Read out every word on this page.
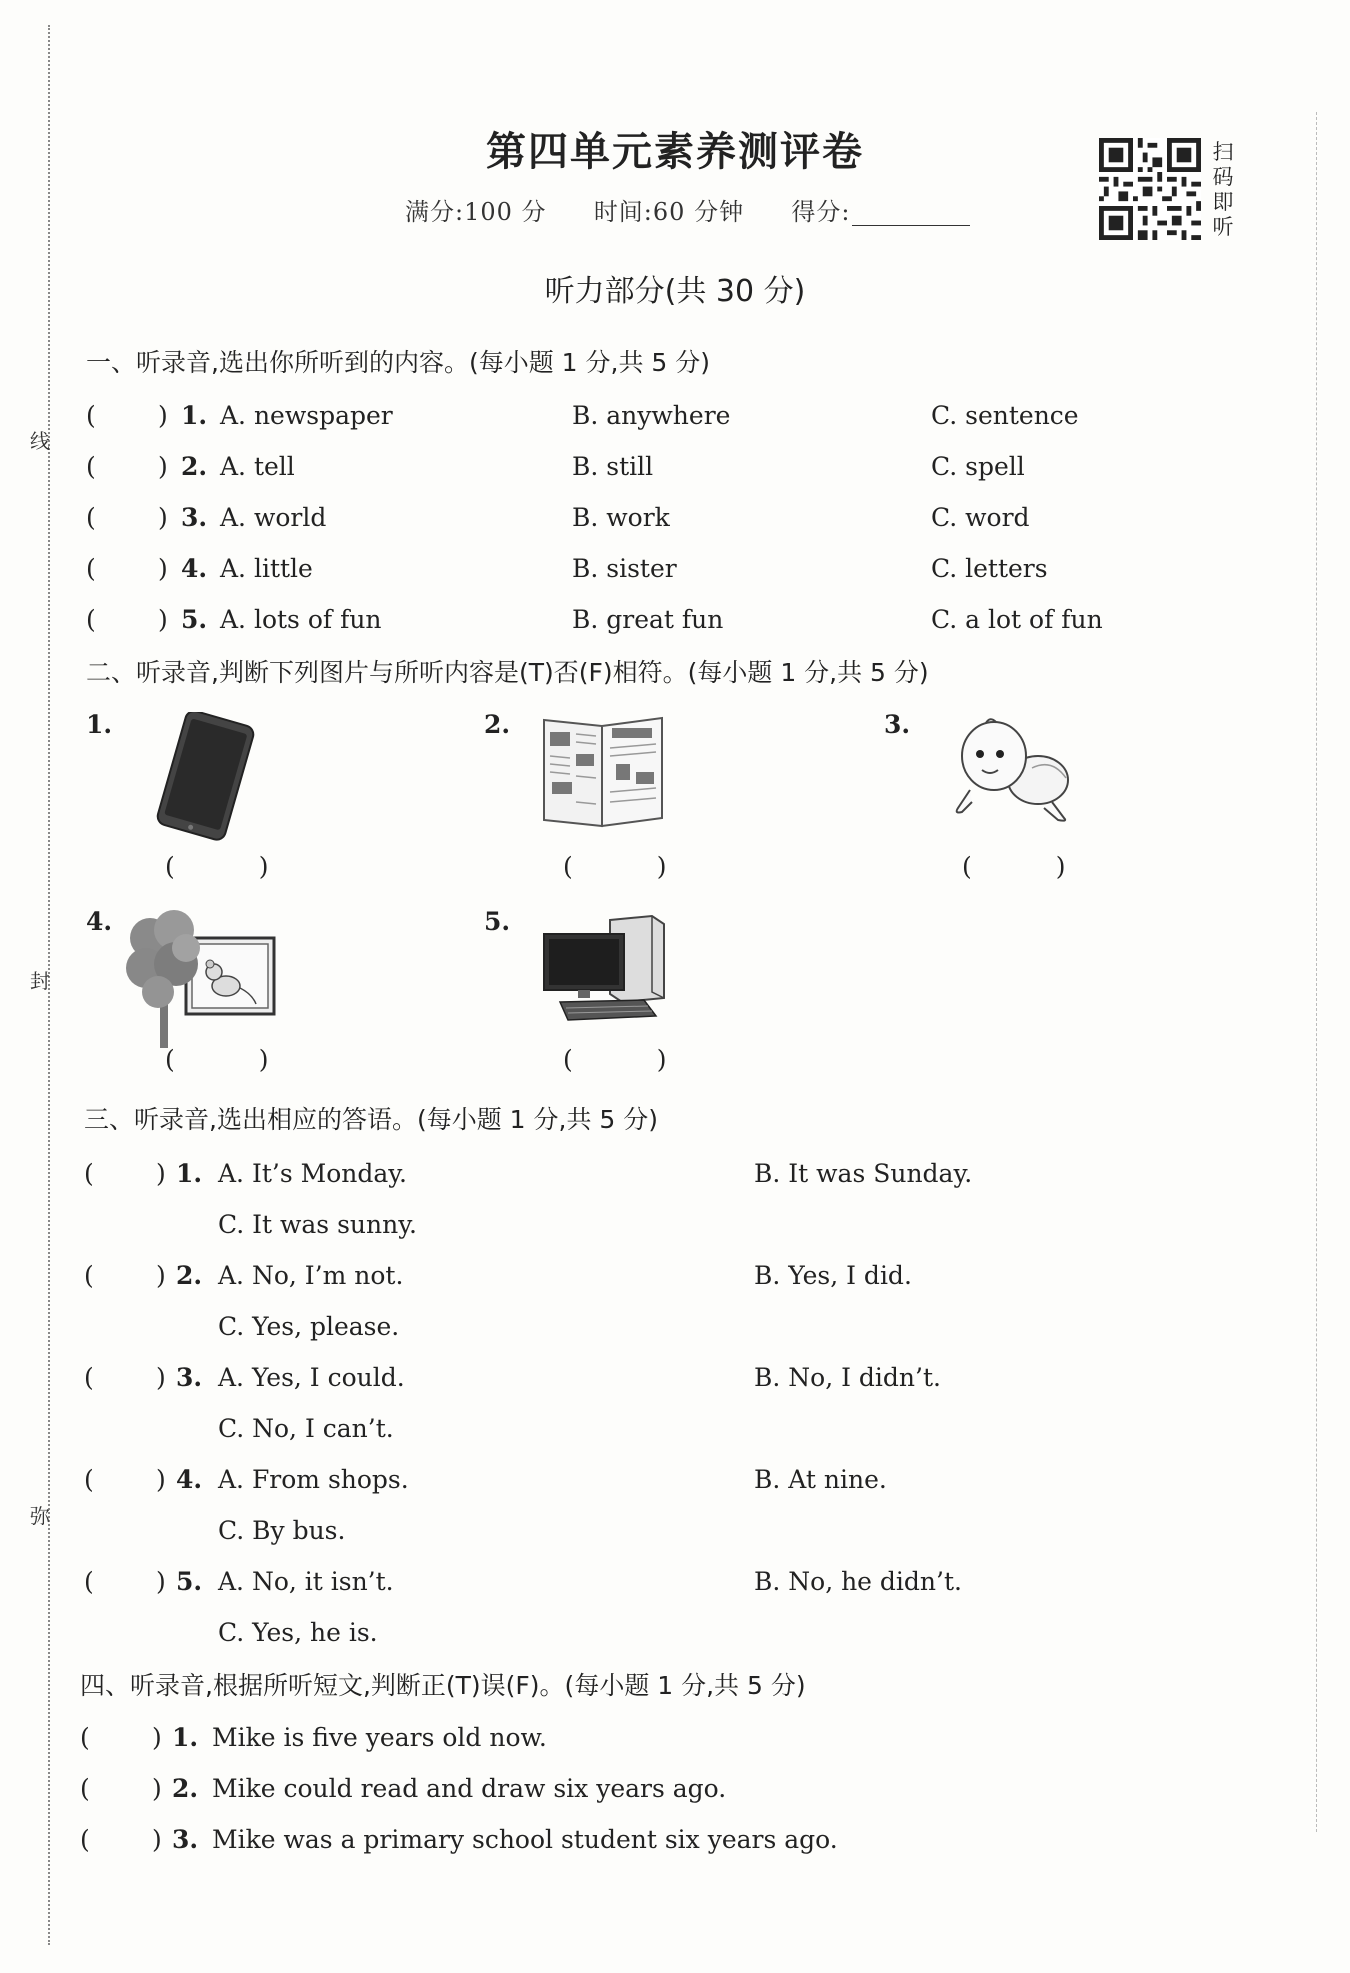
线
封
弥
第四单元素养测评卷
满分:100 分 时间:60 分钟 得分:
扫
码
即
听
听力部分(共 30 分)
一、听录音,选出你所听到的内容。(每小题 1 分,共 5 分)
( ) 1. A. newspaper	B. anywhere	C. sentence
( ) 2. A. tell	B. still	C. spell
( ) 3. A. world	B. work	C. word
( ) 4. A. little	B. sister	C. letters
( ) 5. A. lots of fun	B. great fun	C. a lot of fun
二、听录音,判断下列图片与所听内容是(T)否(F)相符。(每小题 1 分,共 5 分)
1.
( )
2.
( )
3.
( )
4.
( )
5.
( )
三、听录音,选出相应的答语。(每小题 1 分,共 5 分)
( ) 1. A. It’s Monday.	B. It was Sunday.
C. It was sunny.
( ) 2. A. No, I’m not.	B. Yes, I did.
C. Yes, please.
( ) 3. A. Yes, I could.	B. No, I didn’t.
C. No, I can’t.
( ) 4. A. From shops.	B. At nine.
C. By bus.
( ) 5. A. No, it isn’t.	B. No, he didn’t.
C. Yes, he is.
四、听录音,根据所听短文,判断正(T)误(F)。(每小题 1 分,共 5 分)
( ) 1. Mike is five years old now.
( ) 2. Mike could read and draw six years ago.
( ) 3. Mike was a primary school student six years ago.
